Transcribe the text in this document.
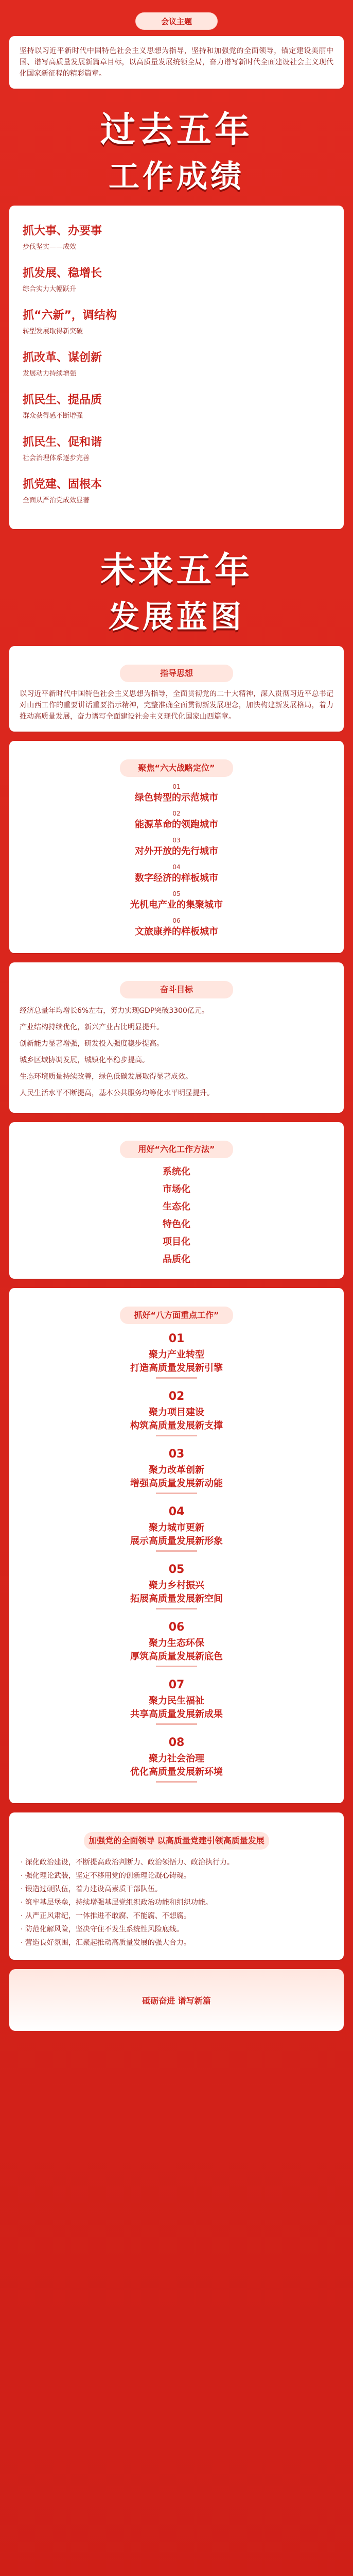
会议主题

坚持以习近平新时代中国特色社会主义思想为指导，坚持和加强党的全面领导，锚定建设美丽中国、谱写高质量发展新篇章目标，以高质量发展统领全局，奋力谱写新时代全面建设社会主义现代化国家新征程的精彩篇章。

过去五年
工作成绩
抓大事、办要事
步伐坚实——成效
抓发展、稳增长
综合实力大幅跃升
抓“六新”，调结构
转型发展取得新突破
抓改革、谋创新
发展动力持续增强
抓民生、提品质
群众获得感不断增强
抓民生、促和谐
社会治理体系逐步完善
抓党建、固根本
全面从严治党成效显著
未来五年
发展蓝图
指导思想

以习近平新时代中国特色社会主义思想为指导，全面贯彻党的二十大精神，深入贯彻习近平总书记对山西工作的重要讲话重要指示精神，完整准确全面贯彻新发展理念，加快构建新发展格局，着力推动高质量发展，奋力谱写全面建设社会主义现代化国家山西篇章。

聚焦“六大战略定位”
01
绿色转型的示范城市
02
能源革命的领跑城市
03
对外开放的先行城市
04
数字经济的样板城市
05
光机电产业的集聚城市
06
文旅康养的样板城市
奋斗目标
经济总量年均增长6%左右，努力实现GDP突破3300亿元。
产业结构持续优化，新兴产业占比明显提升。
创新能力显著增强，研发投入强度稳步提高。
城乡区域协调发展，城镇化率稳步提高。
生态环境质量持续改善，绿色低碳发展取得显著成效。
人民生活水平不断提高，基本公共服务均等化水平明显提升。
用好“六化工作方法”
系统化
市场化
生态化
特色化
项目化
品质化
抓好“八方面重点工作”
01
聚力产业转型
打造高质量发展新引擎
02
聚力项目建设
构筑高质量发展新支撑
03
聚力改革创新
增强高质量发展新动能
04
聚力城市更新
展示高质量发展新形象
05
聚力乡村振兴
拓展高质量发展新空间
06
聚力生态环保
厚筑高质量发展新底色
07
聚力民生福祉
共享高质量发展新成果
08
聚力社会治理
优化高质量发展新环境
加强党的全面领导 以高质量党建引领高质量发展
· 深化政治建设，不断提高政治判断力、政治领悟力、政治执行力。
· 强化理论武装，坚定不移用党的创新理论凝心铸魂。
· 锻造过硬队伍，着力建设高素质干部队伍。
· 筑牢基层堡垒，持续增强基层党组织政治功能和组织功能。
· 从严正风肃纪，一体推进不敢腐、不能腐、不想腐。
· 防范化解风险，坚决守住不发生系统性风险底线。
· 营造良好氛围，汇聚起推动高质量发展的强大合力。
砥砺奋进 谱写新篇
